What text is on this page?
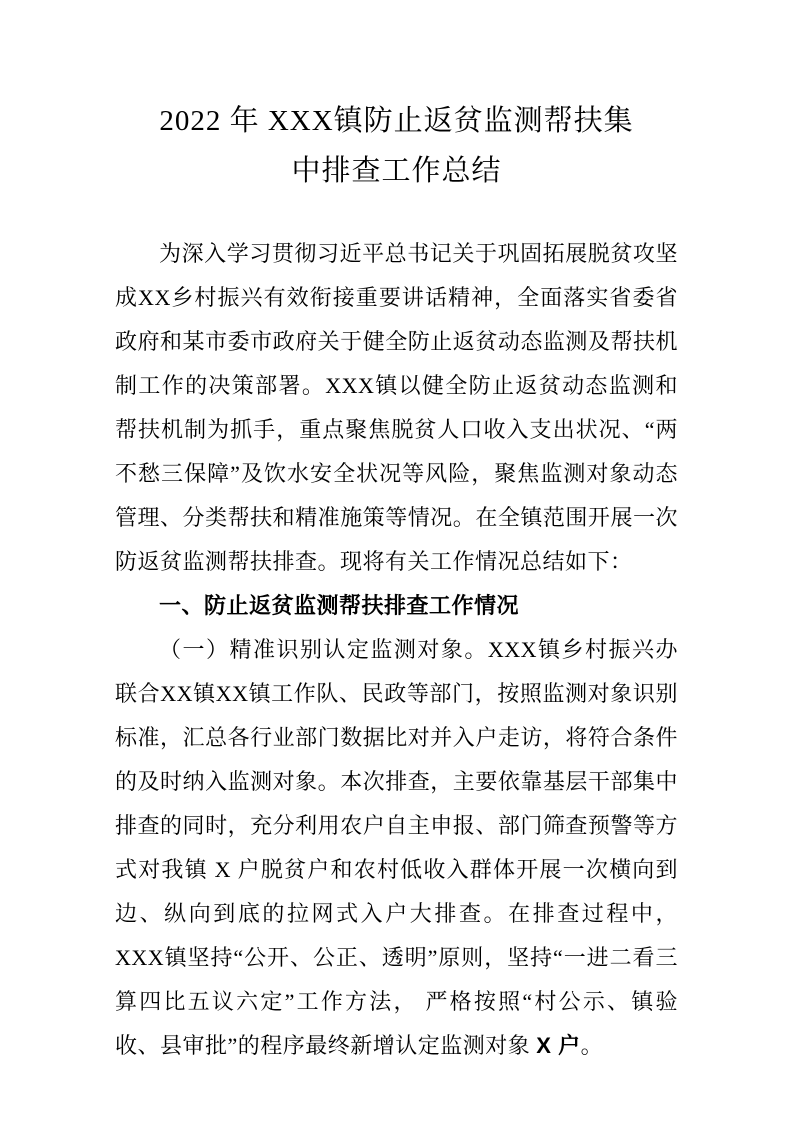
2022 年 XXX镇防止返贫监测帮扶集
中排查工作总结

为深入学习贯彻习近平总书记关于巩固拓展脱贫攻坚成XX乡村振兴有效衔接重要讲话精神，全面落实省委省政府和某市委市政府关于健全防止返贫动态监测及帮扶机制工作的决策部署。XXX镇以健全防止返贫动态监测和帮扶机制为抓手，重点聚焦脱贫人口收入支出状况、“两不愁三保障”及饮水安全状况等风险，聚焦监测对象动态管理、分类帮扶和精准施策等情况。在全镇范围开展一次防返贫监测帮扶排查。现将有关工作情况总结如下：

一、防止返贫监测帮扶排查工作情况

（一）精准识别认定监测对象。XXX镇乡村振兴办联合XX镇XX镇工作队、民政等部门，按照监测对象识别标准，汇总各行业部门数据比对并入户走访，将符合条件的及时纳入监测对象。本次排查，主要依靠基层干部集中排查的同时，充分利用农户自主申报、部门筛查预警等方式对我镇 X 户脱贫户和农村低收入群体开展一次横向到边、纵向到底的拉网式入户大排查。在排查过程中，XXX镇坚持“公开、公正、透明”原则，坚持“一进二看三算四比五议六定”工作方法， 严格按照“村公示、镇验收、县审批”的程序最终新增认定监测对象 X 户。
